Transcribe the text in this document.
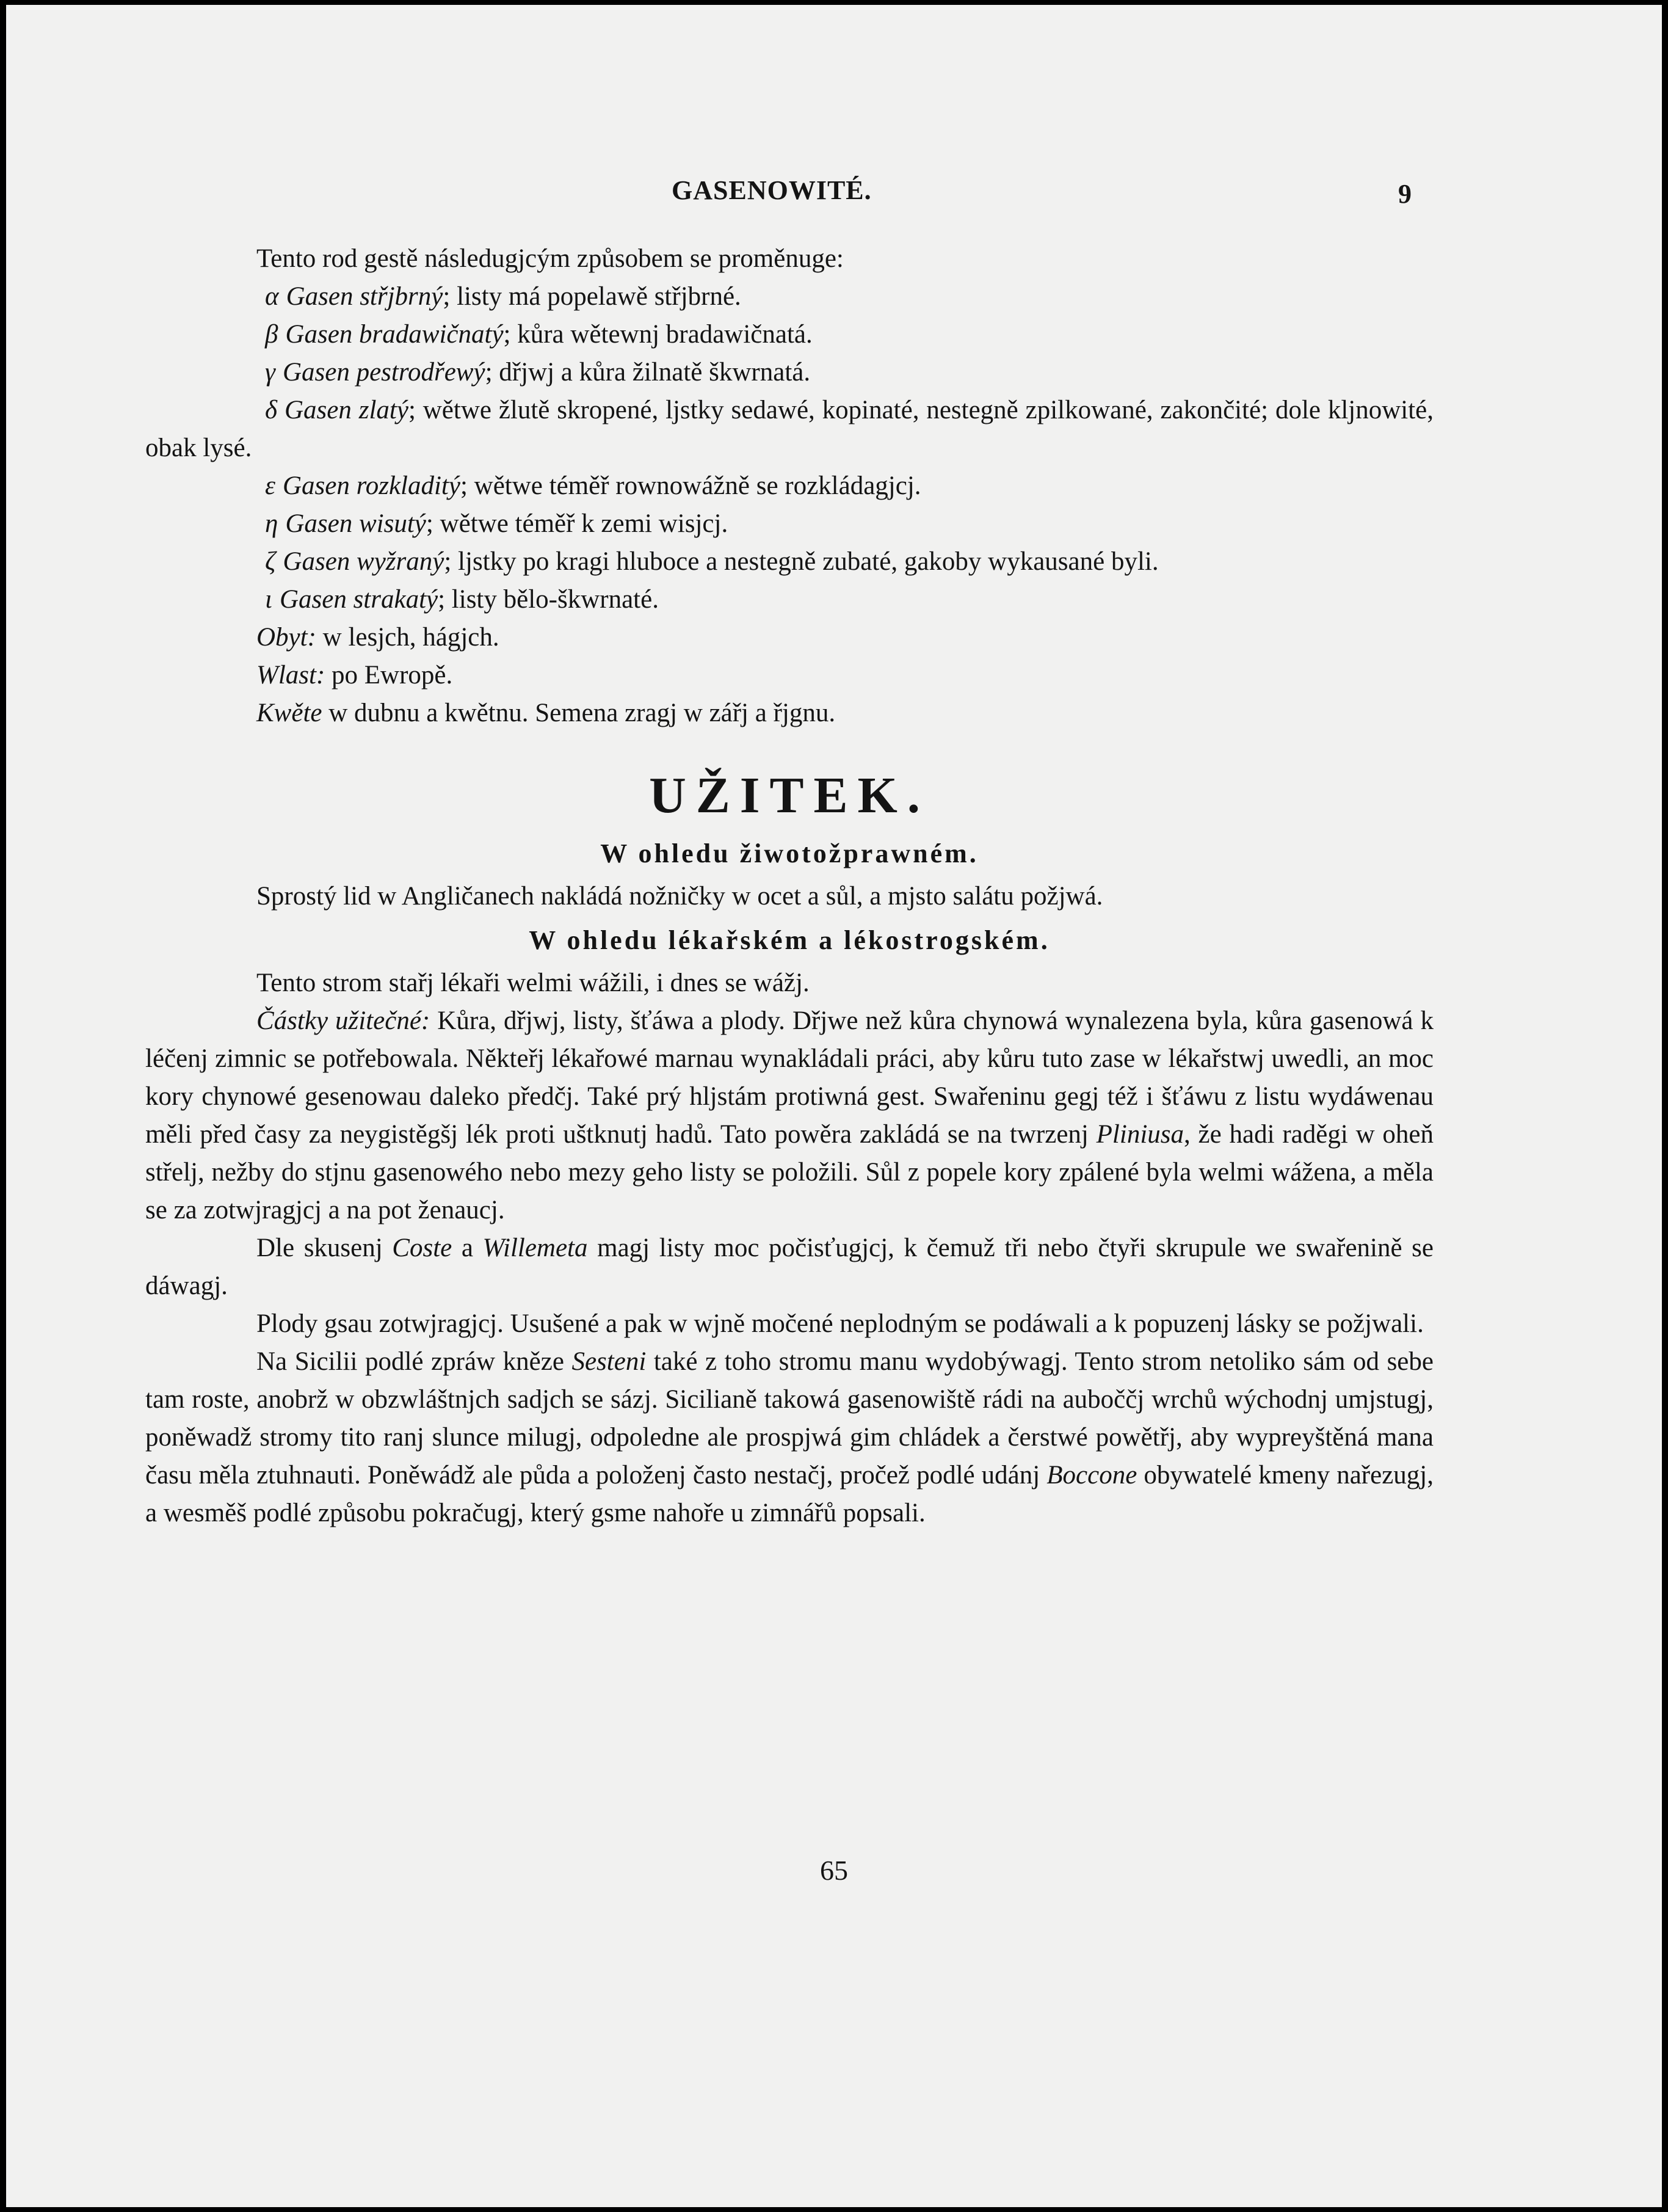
GASENOWITÉ.	9

Tento rod gestě následugjcým způsobem se proměnuge:

α Gasen střjbrný; listy má popelawě střjbrné.

β Gasen bradawičnatý; kůra wětewnj bradawičnatá.

γ Gasen pestrodřewý; dřjwj a kůra žilnatě škwrnatá.

δ Gasen zlatý; wětwe žlutě skropené, ljstky sedawé, kopinaté, nestegně zpilkowané, zakončité; dole kljnowité, obak lysé.

ε Gasen rozkladitý; wětwe téměř rownowážně se rozkládagjcj.

η Gasen wisutý; wětwe téměř k zemi wisjcj.

ζ Gasen wyžraný; ljstky po kragi hluboce a nestegně zubaté, gakoby wykausané byli.

ι Gasen strakatý; listy bělo-škwrnaté.

Obyt: w lesjch, hágjch.

Wlast: po Ewropě.

Kwěte w dubnu a kwětnu. Semena zragj w zářj a řjgnu.

UŽITEK.
W ohledu žiwotožprawném.

Sprostý lid w Angličanech nakládá nožničky w ocet a sůl, a mjsto salátu požjwá.

W ohledu lékařském a lékostrogském.

Tento strom stařj lékaři welmi wážili, i dnes se wážj.

Částky užitečné: Kůra, dřjwj, listy, šťáwa a plody. Dřjwe než kůra chynowá wynalezena byla, kůra gasenowá k léčenj zimnic se potřebowala. Někteřj lékařowé marnau wynakládali práci, aby kůru tuto zase w lékařstwj uwedli, an moc kory chynowé gesenowau daleko předčj. Také prý hljstám protiwná gest. Swařeninu gegj též i šťáwu z listu wydáwenau měli před časy za neygistěgšj lék proti uštknutj hadů. Tato powěra zakládá se na twrzenj Pliniusa, že hadi raděgi w oheň střelj, nežby do stjnu gasenowého nebo mezy geho listy se položili. Sůl z popele kory zpálené byla welmi wážena, a měla se za zotwjragjcj a na pot ženaucj.

Dle skusenj Coste a Willemeta magj listy moc počisťugjcj, k čemuž tři nebo čtyři skrupule we swařenině se dáwagj.

Plody gsau zotwjragjcj. Usušené a pak w wjně močené neplodným se podáwali a k popuzenj lásky se požjwali.

Na Sicilii podlé zpráw kněze Sesteni také z toho stromu manu wydobýwagj. Tento strom netoliko sám od sebe tam roste, anobrž w obzwláštnjch sadjch se sázj. Sicilianě takowá gasenowiště rádi na auboččj wrchů wýchodnj umjstugj, poněwadž stromy tito ranj slunce milugj, odpoledne ale prospjwá gim chládek a čerstwé powětřj, aby wypreyštěná mana času měla ztuhnauti. Poněwádž ale půda a položenj často nestačj, pročež podlé udánj Boccone obywatelé kmeny nařezugj, a wesměš podlé způsobu pokračugj, který gsme nahoře u zimnářů popsali.

65
